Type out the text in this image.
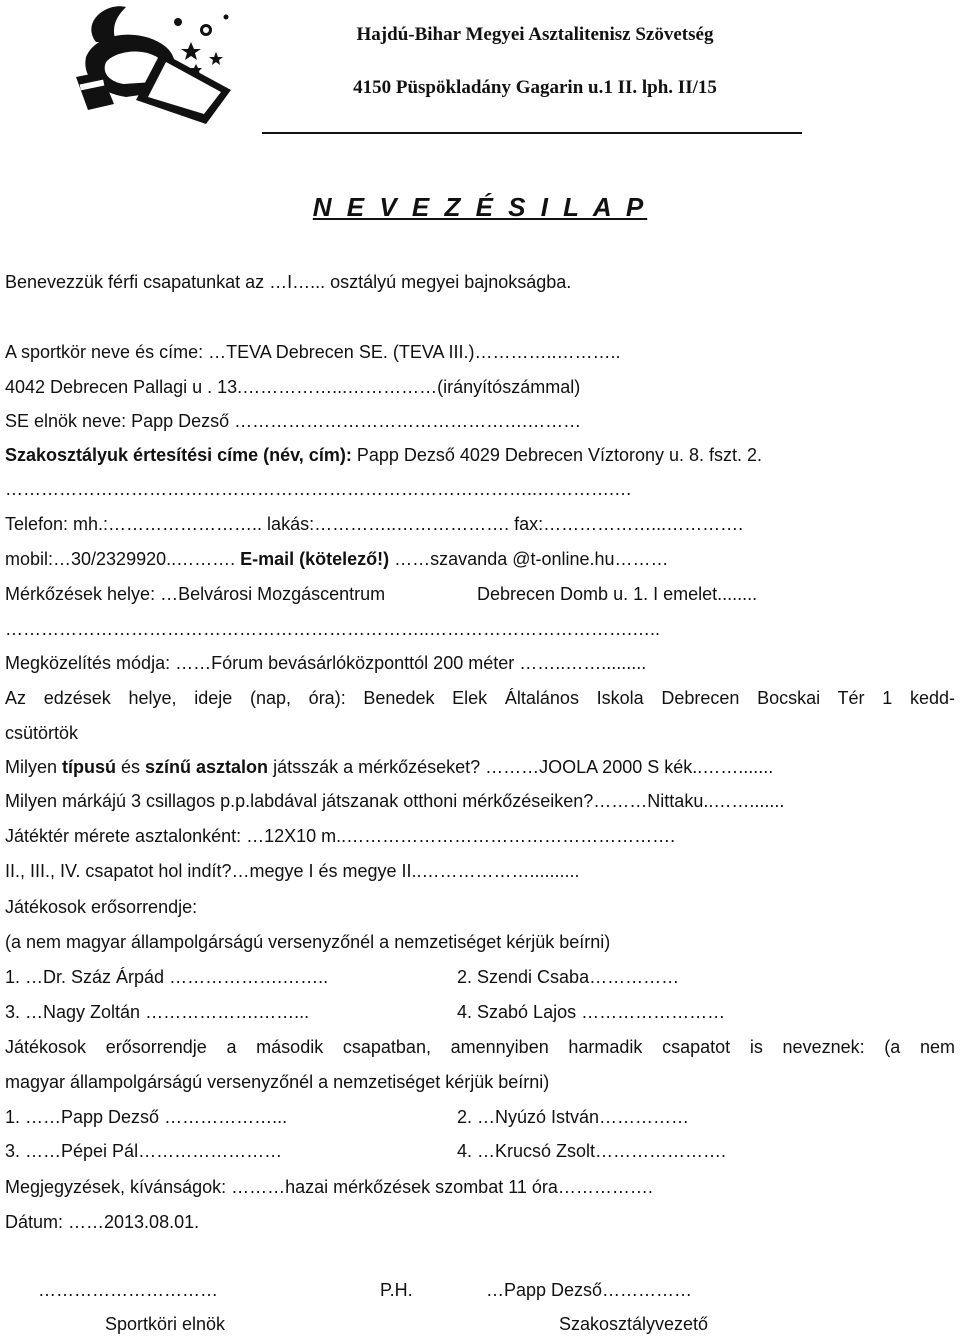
Hajdú-Bihar Megyei Asztalitenisz Szövetség
4150 Püspökladány Gagarin u.1 II. lph. II/15
N E V E Z É S I L A P
Benevezzük férfi csapatunkat az …I…... osztályú megyei bajnokságba.
A sportkör neve és címe: …TEVA Debrecen SE. (TEVA III.)…………..………..
4042 Debrecen Pallagi u . 13.……………...……………(irányítószámmal)
SE elnök neve: Papp Dezső ………………………………………….………
Szakosztályuk értesítési címe (név, cím): Papp Dezső 4029 Debrecen Víztorony u. 8. fszt. 2.
……………………………………………………………………………..………….…
Telefon: mh.:…………………….. lakás:…………..………………. fax:………………...………….
mobil:…30/2329920..………. E-mail (kötelező!) ……szavanda @t-online.hu………
Mérkőzések helye: …Belvárosi Mozgáscentrum	Debrecen Domb u. 1. I emelet........
……………………………………………………………..…………………………….…..
Megközelítés módja: ……Fórum bevásárlóközponttól 200 méter ……..…….........
Az edzések helye, ideje (nap, óra): Benedek Elek Általános Iskola Debrecen Bocskai Tér 1 kedd-
csütörtök
Milyen típusú és színű asztalon játsszák a mérkőzéseket? ………JOOLA 2000 S kék..…….......
Milyen márkájú 3 csillagos p.p.labdával játszanak otthoni mérkőzéseiken?………Nittaku..…….......
Játéktér mérete asztalonként: …12X10 m..……………………………………………….
II., III., IV. csapatot hol indít?…megye I és megye II..………………..........
Játékosok erősorrendje:
(a nem magyar állampolgárságú versenyzőnél a nemzetiséget kérjük beírni)
1. …Dr. Száz Árpád ……………….……..	2. Szendi Csaba……………
3. …Nagy Zoltán ……………….……...	4. Szabó Lajos ……………………
Játékosok erősorrendje a második csapatban, amennyiben harmadik csapatot is neveznek: (a nem
magyar állampolgárságú versenyzőnél a nemzetiséget kérjük beírni)
1. ……Papp Dezső ………………...	2. …Nyúzó István……………
3. ……Pépei Pál……………………	4. …Krucsó Zsolt………………….
Megjegyzések, kívánságok: ………hazai mérkőzések szombat 11 óra…………….
Dátum: ……2013.08.01.
…………………………	P.H.	…Papp Dezső……………
Sportköri elnök	Szakosztályvezető
